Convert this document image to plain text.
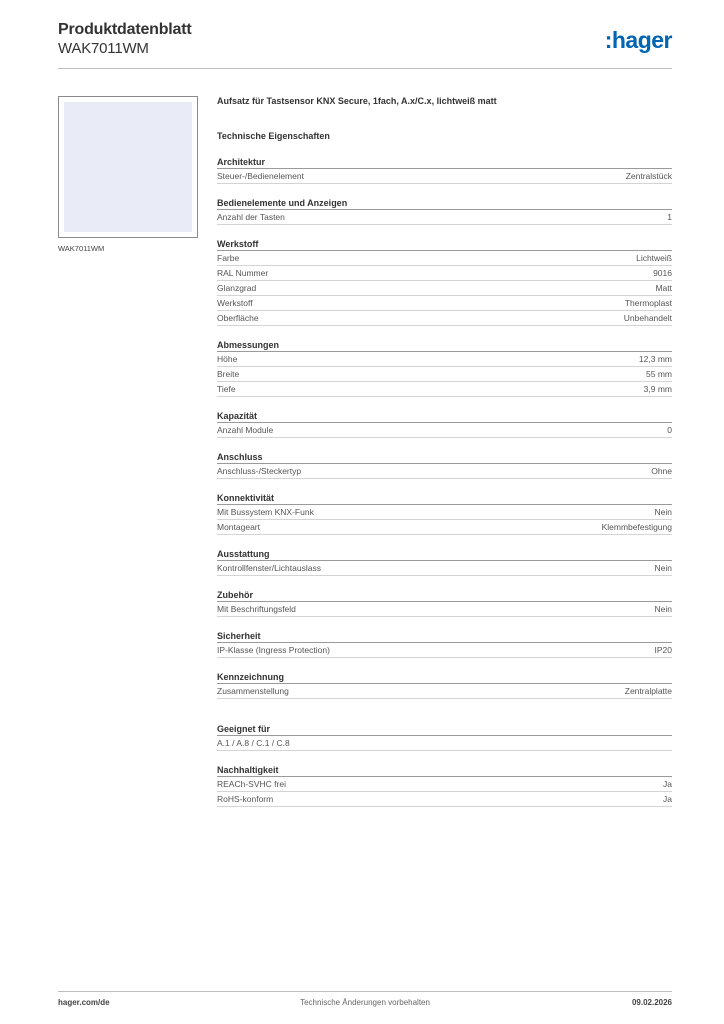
Produktdatenblatt
WAK7011WM	:hager
WAK7011WM
Aufsatz für Tastsensor KNX Secure, 1fach, A.x/C.x, lichtweiß matt
Technische Eigenschaften
Architektur
Steuer-/Bedienelement	Zentralstück
Bedienelemente und Anzeigen
Anzahl der Tasten	1
Werkstoff
Farbe	Lichtweiß
RAL Nummer	9016
Glanzgrad	Matt
Werkstoff	Thermoplast
Oberfläche	Unbehandelt
Abmessungen
Höhe	12,3 mm
Breite	55 mm
Tiefe	3,9 mm
Kapazität
Anzahl Module	0
Anschluss
Anschluss-/Steckertyp	Ohne
Konnektivität
Mit Bussystem KNX-Funk	Nein
Montageart	Klemmbefestigung
Ausstattung
Kontrollfenster/Lichtauslass	Nein
Zubehör
Mit Beschriftungsfeld	Nein
Sicherheit
IP-Klasse (Ingress Protection)	IP20
Kennzeichnung
Zusammenstellung	Zentralplatte
Geeignet für
A.1 / A.8 / C.1 / C.8
Nachhaltigkeit
REACh-SVHC frei	Ja
RoHS-konform	Ja
hager.com/de	Technische Änderungen vorbehalten	09.02.2026
